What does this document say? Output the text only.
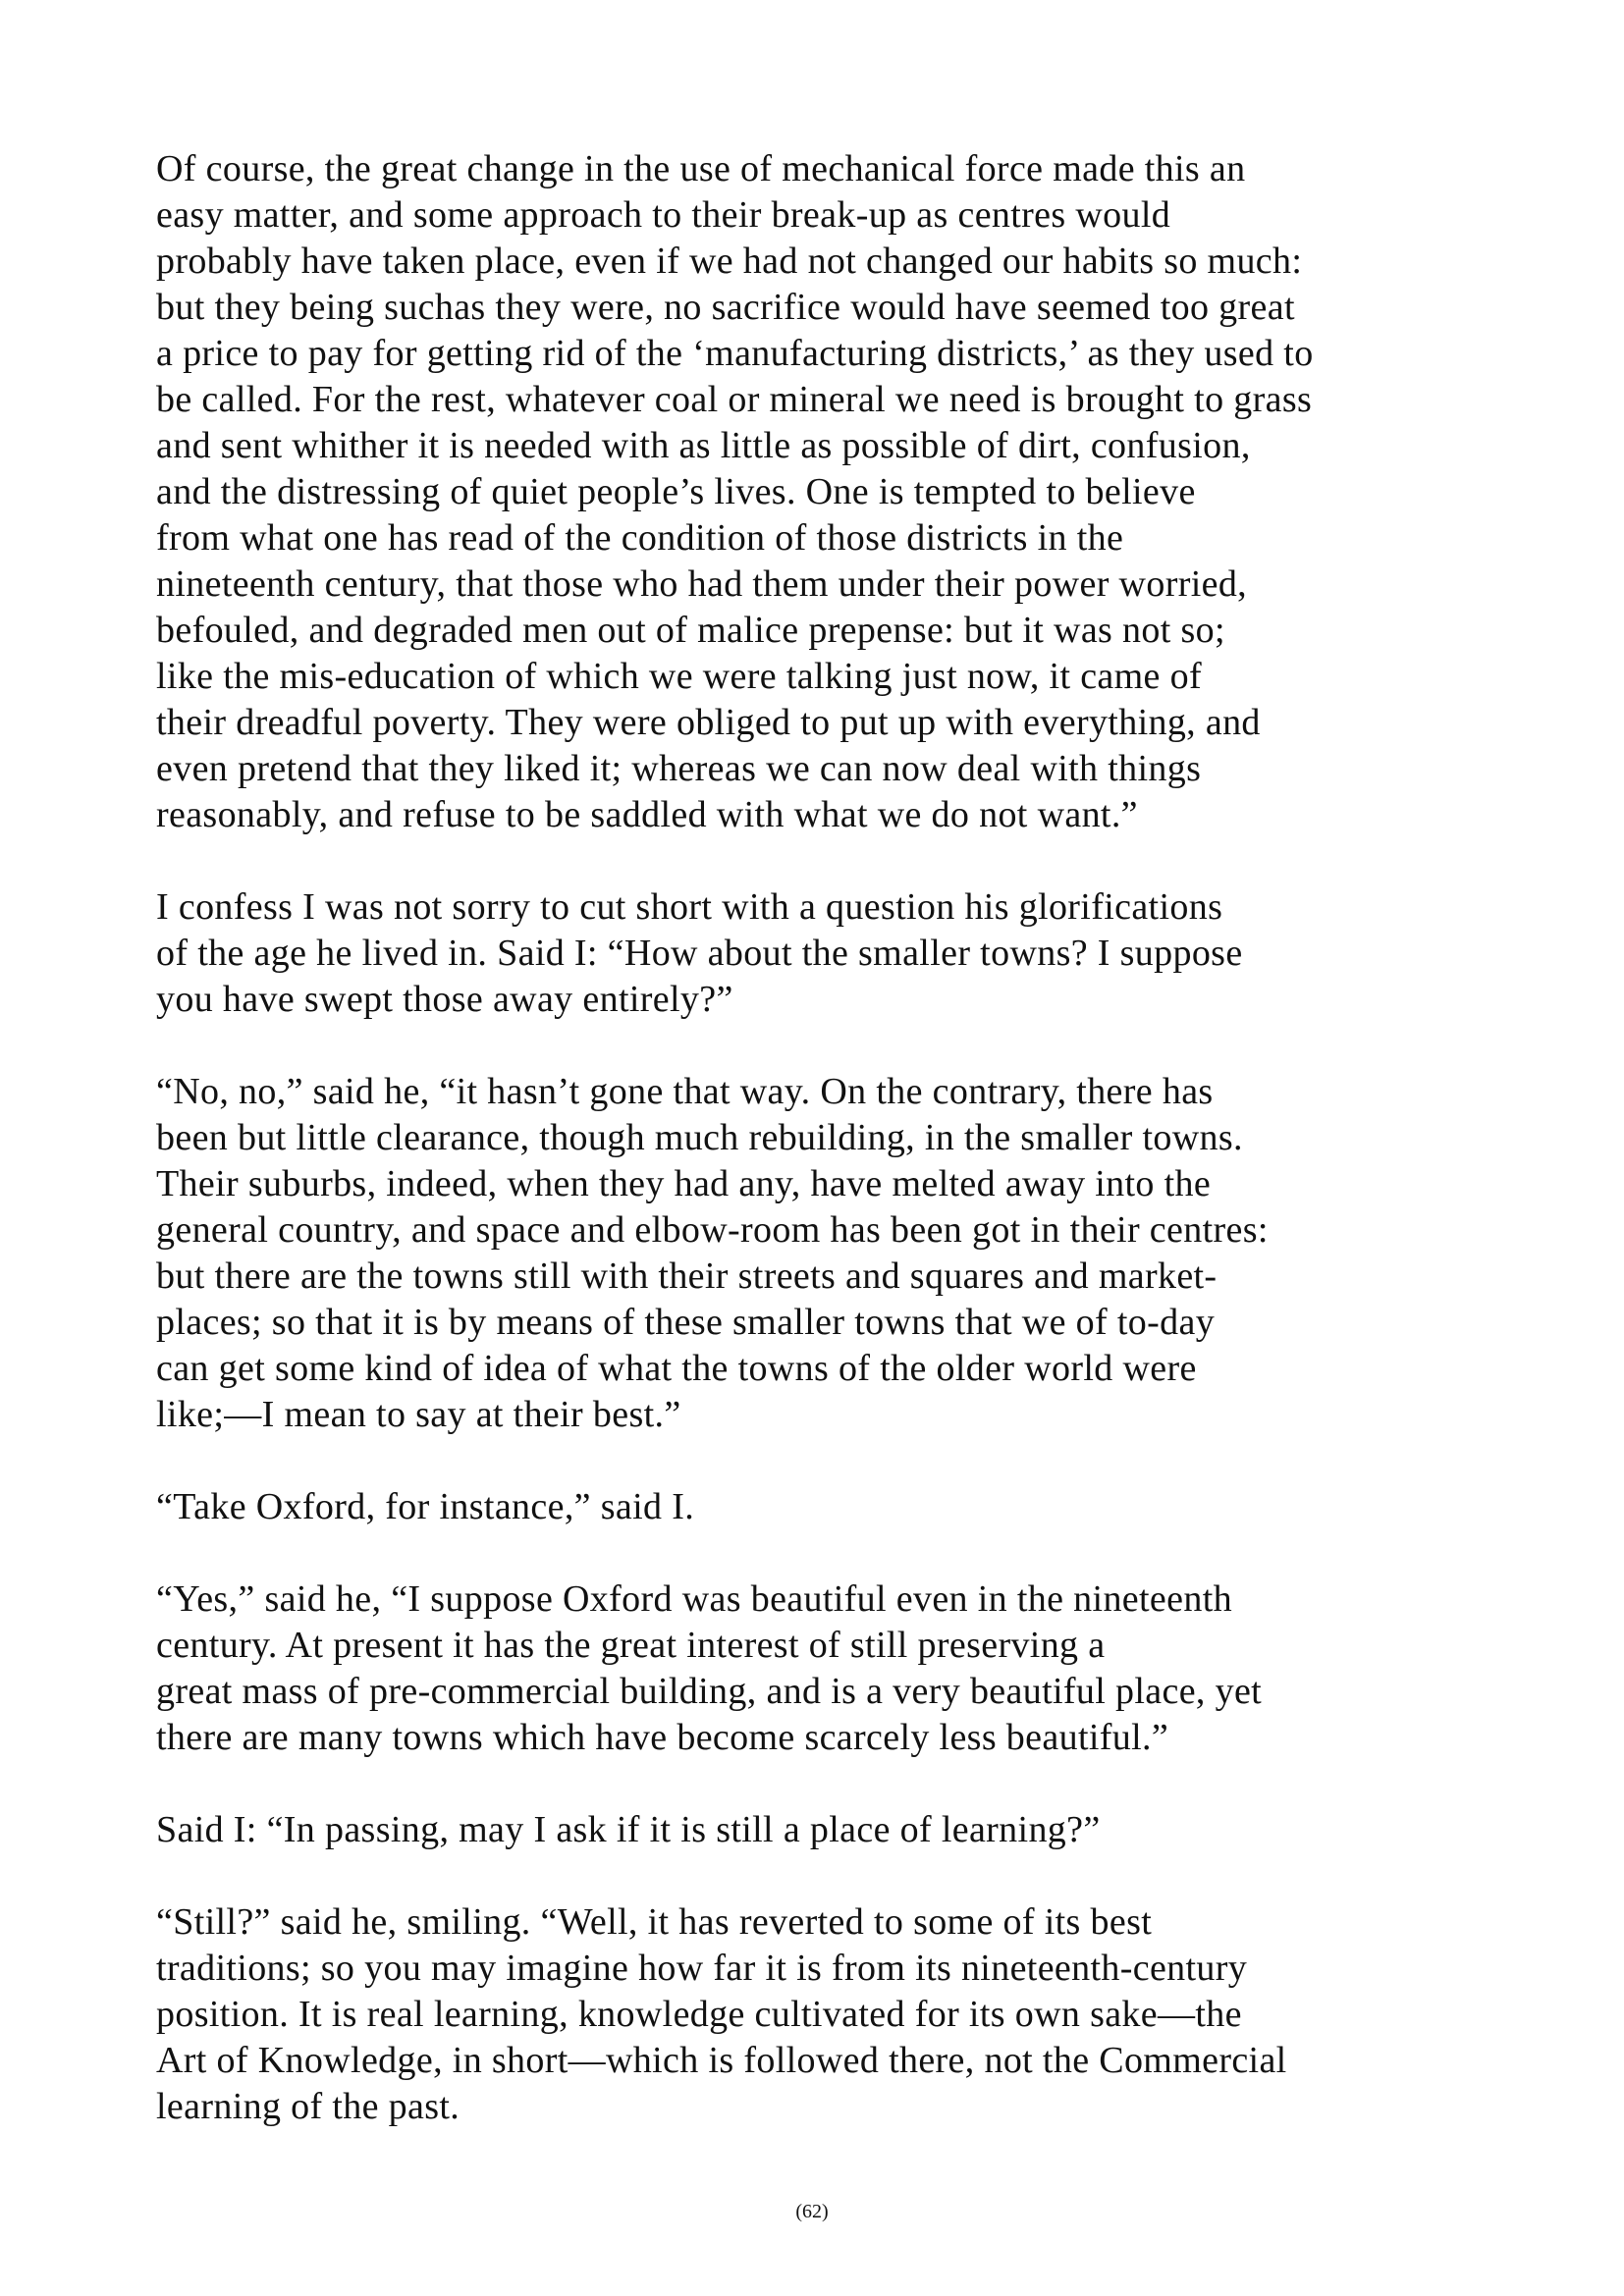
Of course, the great change in the use of mechanical force made this an
easy matter, and some approach to their break-up as centres would
probably have taken place, even if we had not changed our habits so much:
but they being suchas they were, no sacrifice would have seemed too great
a price to pay for getting rid of the ‘manufacturing districts,’ as they used to
be called. For the rest, whatever coal or mineral we need is brought to grass
and sent whither it is needed with as little as possible of dirt, confusion,
and the distressing of quiet people’s lives. One is tempted to believe
from what one has read of the condition of those districts in the
nineteenth century, that those who had them under their power worried,
befouled, and degraded men out of malice prepense: but it was not so;
like the mis-education of which we were talking just now, it came of
their dreadful poverty. They were obliged to put up with everything, and
even pretend that they liked it; whereas we can now deal with things
reasonably, and refuse to be saddled with what we do not want.”

I confess I was not sorry to cut short with a question his glorifications
of the age he lived in. Said I: “How about the smaller towns? I suppose
you have swept those away entirely?”

“No, no,” said he, “it hasn’t gone that way. On the contrary, there has
been but little clearance, though much rebuilding, in the smaller towns.
Their suburbs, indeed, when they had any, have melted away into the
general country, and space and elbow-room has been got in their centres:
but there are the towns still with their streets and squares and market-
places; so that it is by means of these smaller towns that we of to-day
can get some kind of idea of what the towns of the older world were
like;—I mean to say at their best.”

“Take Oxford, for instance,” said I.

“Yes,” said he, “I suppose Oxford was beautiful even in the nineteenth
century. At present it has the great interest of still preserving a
great mass of pre-commercial building, and is a very beautiful place, yet
there are many towns which have become scarcely less beautiful.”

Said I: “In passing, may I ask if it is still a place of learning?”

“Still?” said he, smiling. “Well, it has reverted to some of its best
traditions; so you may imagine how far it is from its nineteenth-century
position. It is real learning, knowledge cultivated for its own sake—the
Art of Knowledge, in short—which is followed there, not the Commercial
learning of the past.

(62)
